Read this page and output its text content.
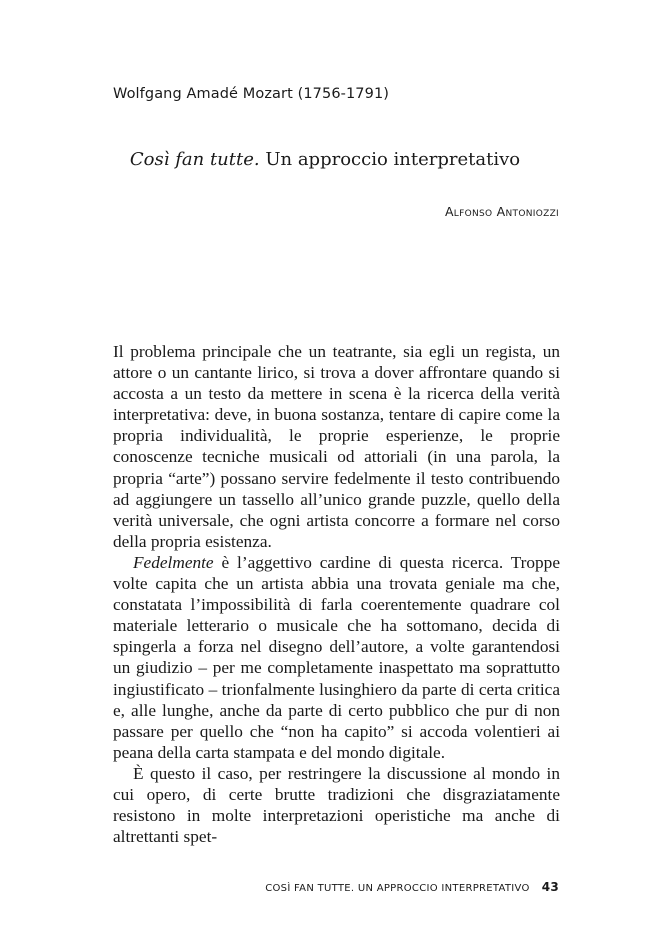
Wolfgang Amadé Mozart (1756-1791)
Così fan tutte. Un approccio interpretativo
Alfonso Antoniozzi

Il problema principale che un teatrante, sia egli un regista, un attore o un cantante lirico, si trova a dover affrontare quando si accosta a un testo da mettere in scena è la ricerca della verità interpretativa: deve, in buona sostanza, tentare di capire come la propria individualità, le proprie esperienze, le proprie conoscenze tecniche musicali od attoriali (in una parola, la propria “arte”) possano servire fedelmente il testo contribuendo ad aggiungere un tassello all’unico grande puzzle, quello della verità universale, che ogni artista concorre a formare nel corso della propria esistenza.

Fedelmente è l’aggettivo cardine di questa ricerca. Troppe volte capita che un artista abbia una trovata geniale ma che, constatata l’impossibilità di farla coerentemente quadrare col materiale letterario o musicale che ha sottomano, decida di spingerla a forza nel disegno dell’autore, a volte garantendosi un giudizio – per me completamente inaspettato ma soprattutto ingiustificato – trionfalmente lusinghiero da parte di certa critica e, alle lunghe, anche da parte di certo pubblico che pur di non passare per quello che “non ha capito” si accoda volentieri ai peana della carta stampata e del mondo digitale.

È questo il caso, per restringere la discussione al mondo in cui opero, di certe brutte tradizioni che disgraziatamente resistono in molte interpretazioni operistiche ma anche di altrettanti spet-

COSÌ FAN TUTTE. UN APPROCCIO INTERPRETATIVO 43
